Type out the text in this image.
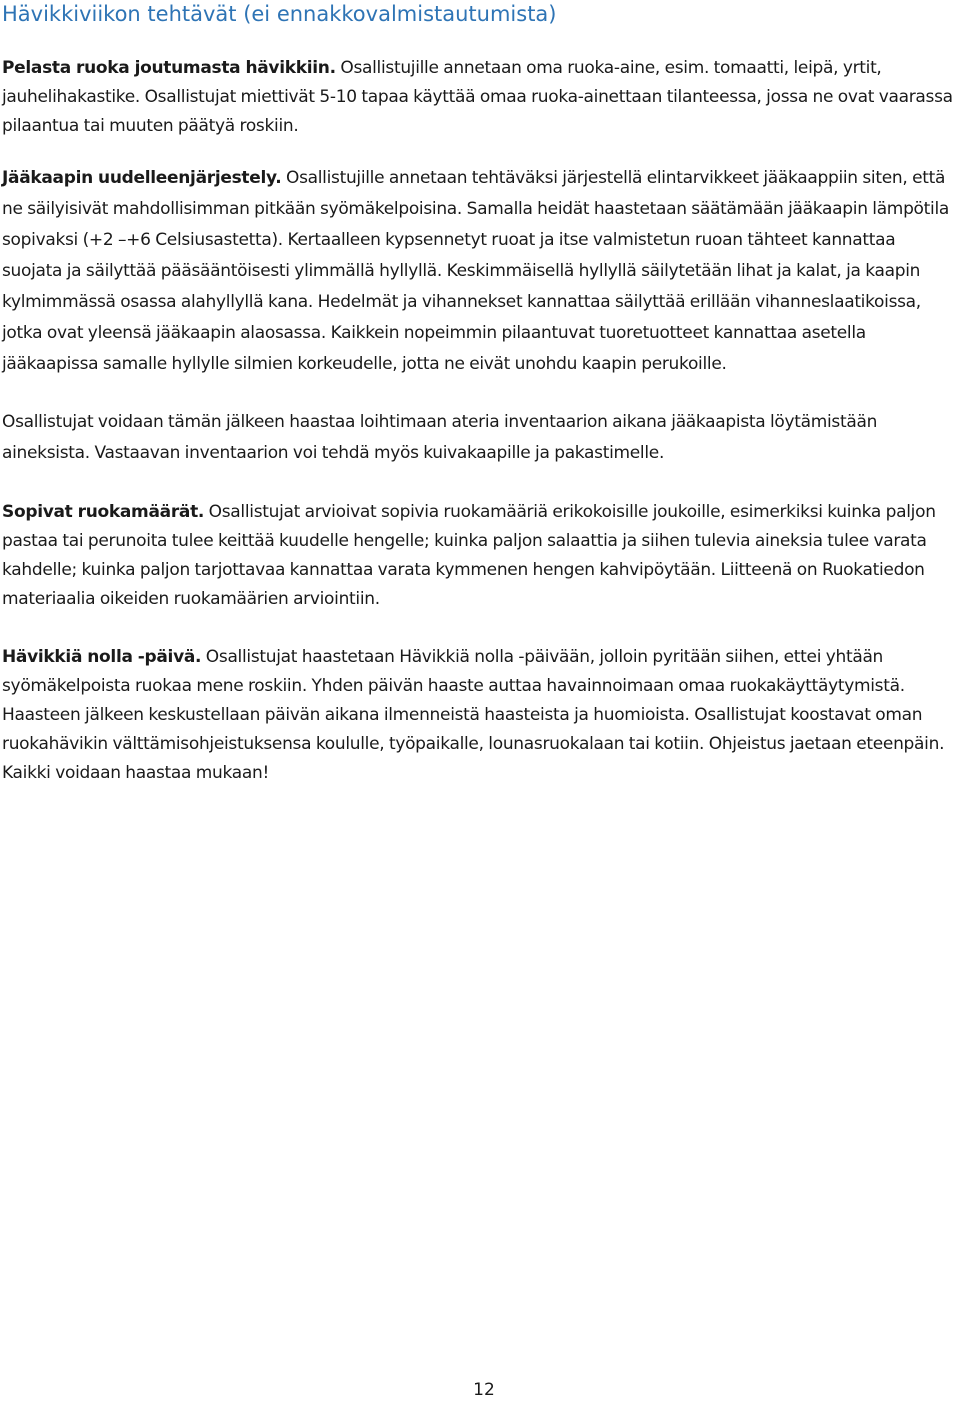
Hävikkiviikon tehtävät (ei ennakkovalmistautumista)

Pelasta ruoka joutumasta hävikkiin. Osallistujille annetaan oma ruoka-aine, esim. tomaatti, leipä, yrtit, jauhelihakastike. Osallistujat miettivät 5-10 tapaa käyttää omaa ruoka-ainettaan tilanteessa, jossa ne ovat vaarassa pilaantua tai muuten päätyä roskiin.

Jääkaapin uudelleenjärjestely. Osallistujille annetaan tehtäväksi järjestellä elintarvikkeet jääkaappiin siten, että ne säilyisivät mahdollisimman pitkään syömäkelpoisina. Samalla heidät haastetaan säätämään jääkaapin lämpötila sopivaksi (+2 –+6 Celsiusastetta). Kertaalleen kypsennetyt ruoat ja itse valmistetun ruoan tähteet kannattaa suojata ja säilyttää pääsääntöisesti ylimmällä hyllyllä. Keskimmäisellä hyllyllä säilytetään lihat ja kalat, ja kaapin kylmimmässä osassa alahyllyllä kana. Hedelmät ja vihannekset kannattaa säilyttää erillään vihanneslaatikoissa, jotka ovat yleensä jääkaapin alaosassa. Kaikkein nopeimmin pilaantuvat tuoretuotteet kannattaa asetella jääkaapissa samalle hyllylle silmien korkeudelle, jotta ne eivät unohdu kaapin perukoille.

Osallistujat voidaan tämän jälkeen haastaa loihtimaan ateria inventaarion aikana jääkaapista löytämistään aineksista. Vastaavan inventaarion voi tehdä myös kuivakaapille ja pakastimelle.

Sopivat ruokamäärät. Osallistujat arvioivat sopivia ruokamääriä erikokoisille joukoille, esimerkiksi kuinka paljon pastaa tai perunoita tulee keittää kuudelle hengelle; kuinka paljon salaattia ja siihen tulevia aineksia tulee varata kahdelle; kuinka paljon tarjottavaa kannattaa varata kymmenen hengen kahvipöytään. Liitteenä on Ruokatiedon materiaalia oikeiden ruokamäärien arviointiin.

Hävikkiä nolla -päivä. Osallistujat haastetaan Hävikkiä nolla -päivään, jolloin pyritään siihen, ettei yhtään syömäkelpoista ruokaa mene roskiin. Yhden päivän haaste auttaa havainnoimaan omaa ruokakäyttäytymistä. Haasteen jälkeen keskustellaan päivän aikana ilmenneistä haasteista ja huomioista. Osallistujat koostavat oman ruokahävikin välttämisohjeistuksensa koululle, työpaikalle, lounasruokalaan tai kotiin. Ohjeistus jaetaan eteenpäin. Kaikki voidaan haastaa mukaan!

12
